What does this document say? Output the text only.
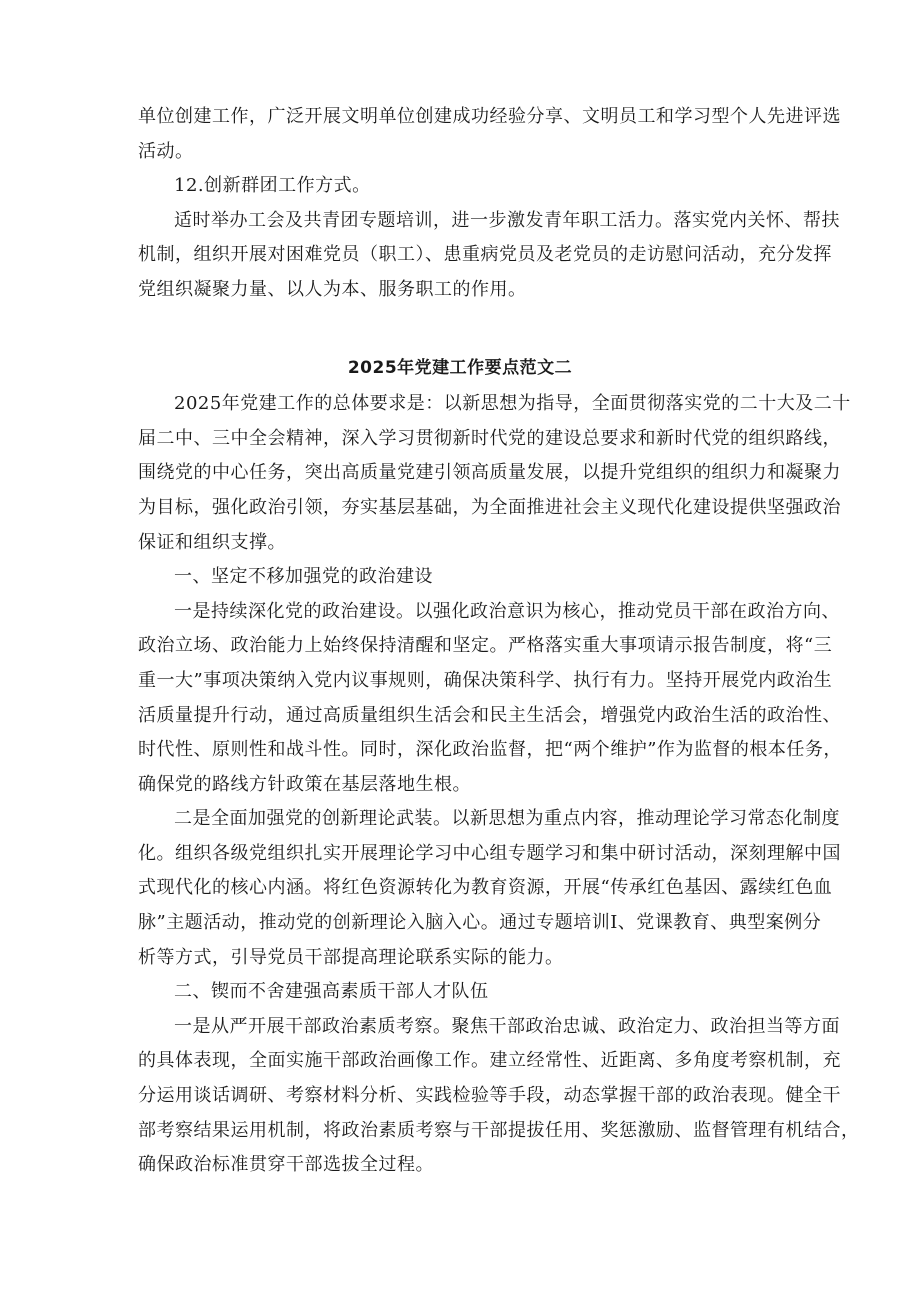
单位创建工作，广泛开展文明单位创建成功经验分享、文明员工和学习型个人先进评选

活动。

12.创新群团工作方式。

适时举办工会及共青团专题培训，进一步激发青年职工活力。落实党内关怀、帮扶

机制，组织开展对困难党员（职工）、患重病党员及老党员的走访慰问活动，充分发挥

党组织凝聚力量、以人为本、服务职工的作用。

2025年党建工作要点范文二

2025年党建工作的总体要求是：以新思想为指导，全面贯彻落实党的二十大及二十

届二中、三中全会精神，深入学习贯彻新时代党的建设总要求和新时代党的组织路线，

围绕党的中心任务，突出高质量党建引领高质量发展，以提升党组织的组织力和凝聚力

为目标，强化政治引领，夯实基层基础，为全面推进社会主义现代化建设提供坚强政治

保证和组织支撑。

一、坚定不移加强党的政治建设

一是持续深化党的政治建设。以强化政治意识为核心，推动党员干部在政治方向、

政治立场、政治能力上始终保持清醒和坚定。严格落实重大事项请示报告制度，将“三

重一大”事项决策纳入党内议事规则，确保决策科学、执行有力。坚持开展党内政治生

活质量提升行动，通过高质量组织生活会和民主生活会，增强党内政治生活的政治性、

时代性、原则性和战斗性。同时，深化政治监督，把“两个维护”作为监督的根本任务，

确保党的路线方针政策在基层落地生根。

二是全面加强党的创新理论武装。以新思想为重点内容，推动理论学习常态化制度

化。组织各级党组织扎实开展理论学习中心组专题学习和集中研讨活动，深刻理解中国

式现代化的核心内涵。将红色资源转化为教育资源，开展“传承红色基因、露续红色血

脉”主题活动，推动党的创新理论入脑入心。通过专题培训I、党课教育、典型案例分

析等方式，引导党员干部提高理论联系实际的能力。

二、锲而不舍建强高素质干部人才队伍

一是从严开展干部政治素质考察。聚焦干部政治忠诚、政治定力、政治担当等方面

的具体表现，全面实施干部政治画像工作。建立经常性、近距离、多角度考察机制，充

分运用谈话调研、考察材料分析、实践检验等手段，动态掌握干部的政治表现。健全干

部考察结果运用机制，将政治素质考察与干部提拔任用、奖惩激励、监督管理有机结合，

确保政治标准贯穿干部选拔全过程。
